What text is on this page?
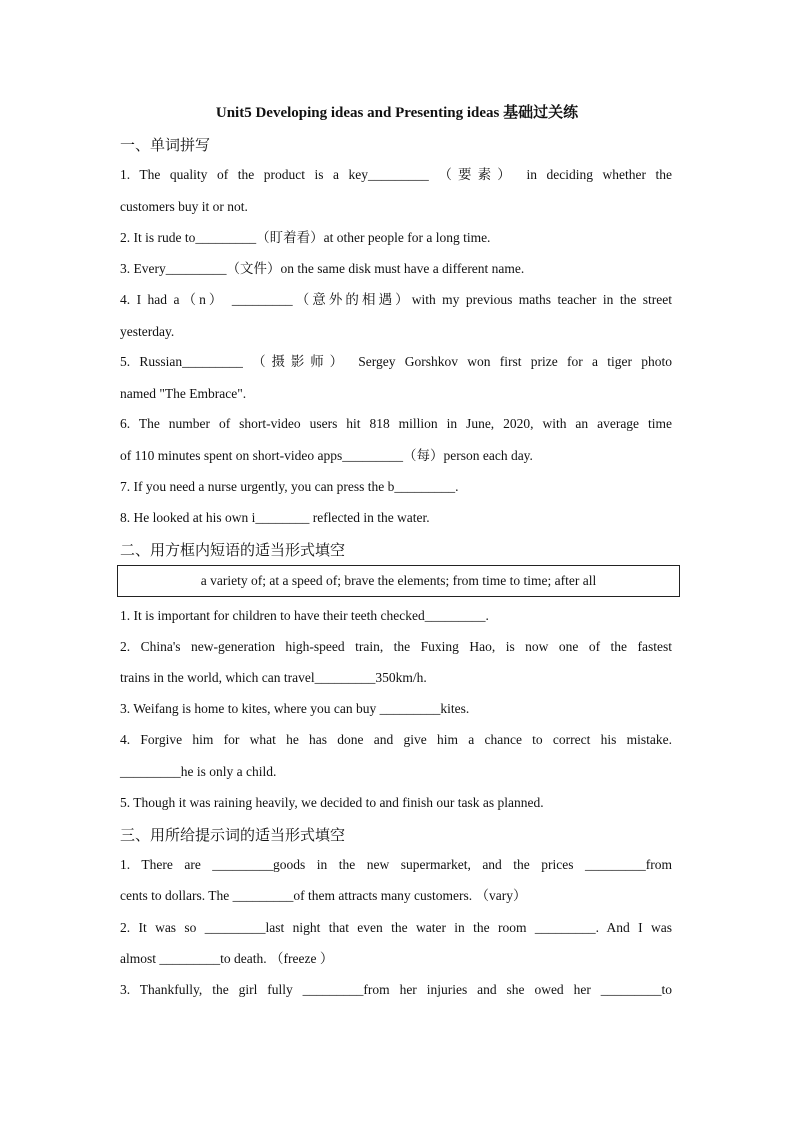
Unit5 Developing ideas and Presenting ideas 基础过关练
一、单词拼写
1. The quality of the product is a key_________ （要素） in deciding whether the
customers buy it or not.
2. It is rude to_________（盯着看）at other people for a long time.
3. Every_________（文件）on the same disk must have a different name.
4. I had a（n） _________（意外的相遇）with my previous maths teacher in the street
yesterday.
5. Russian_________ （摄影师） Sergey Gorshkov won first prize for a tiger photo
named "The Embrace".
6. The number of short-video users hit 818 million in June, 2020, with an average time
of 110 minutes spent on short-video apps_________（每）person each day.
7. If you need a nurse urgently, you can press the b_________.
8. He looked at his own i________ reflected in the water.
二、用方框内短语的适当形式填空
a variety of; at a speed of; brave the elements; from time to time; after all
1. It is important for children to have their teeth checked_________.
2. China's new-generation high-speed train, the Fuxing Hao, is now one of the fastest
trains in the world, which can travel_________350km/h.
3. Weifang is home to kites, where you can buy _________kites.
4. Forgive him for what he has done and give him a chance to correct his mistake.
_________he is only a child.
5. Though it was raining heavily, we decided to and finish our task as planned.
三、用所给提示词的适当形式填空
1. There are _________goods in the new supermarket, and the prices _________from
cents to dollars. The _________of them attracts many customers. （vary）
2. It was so _________last night that even the water in the room _________. And I was
almost _________to death. （freeze ）
3. Thankfully, the girl fully _________from her injuries and she owed her _________to
